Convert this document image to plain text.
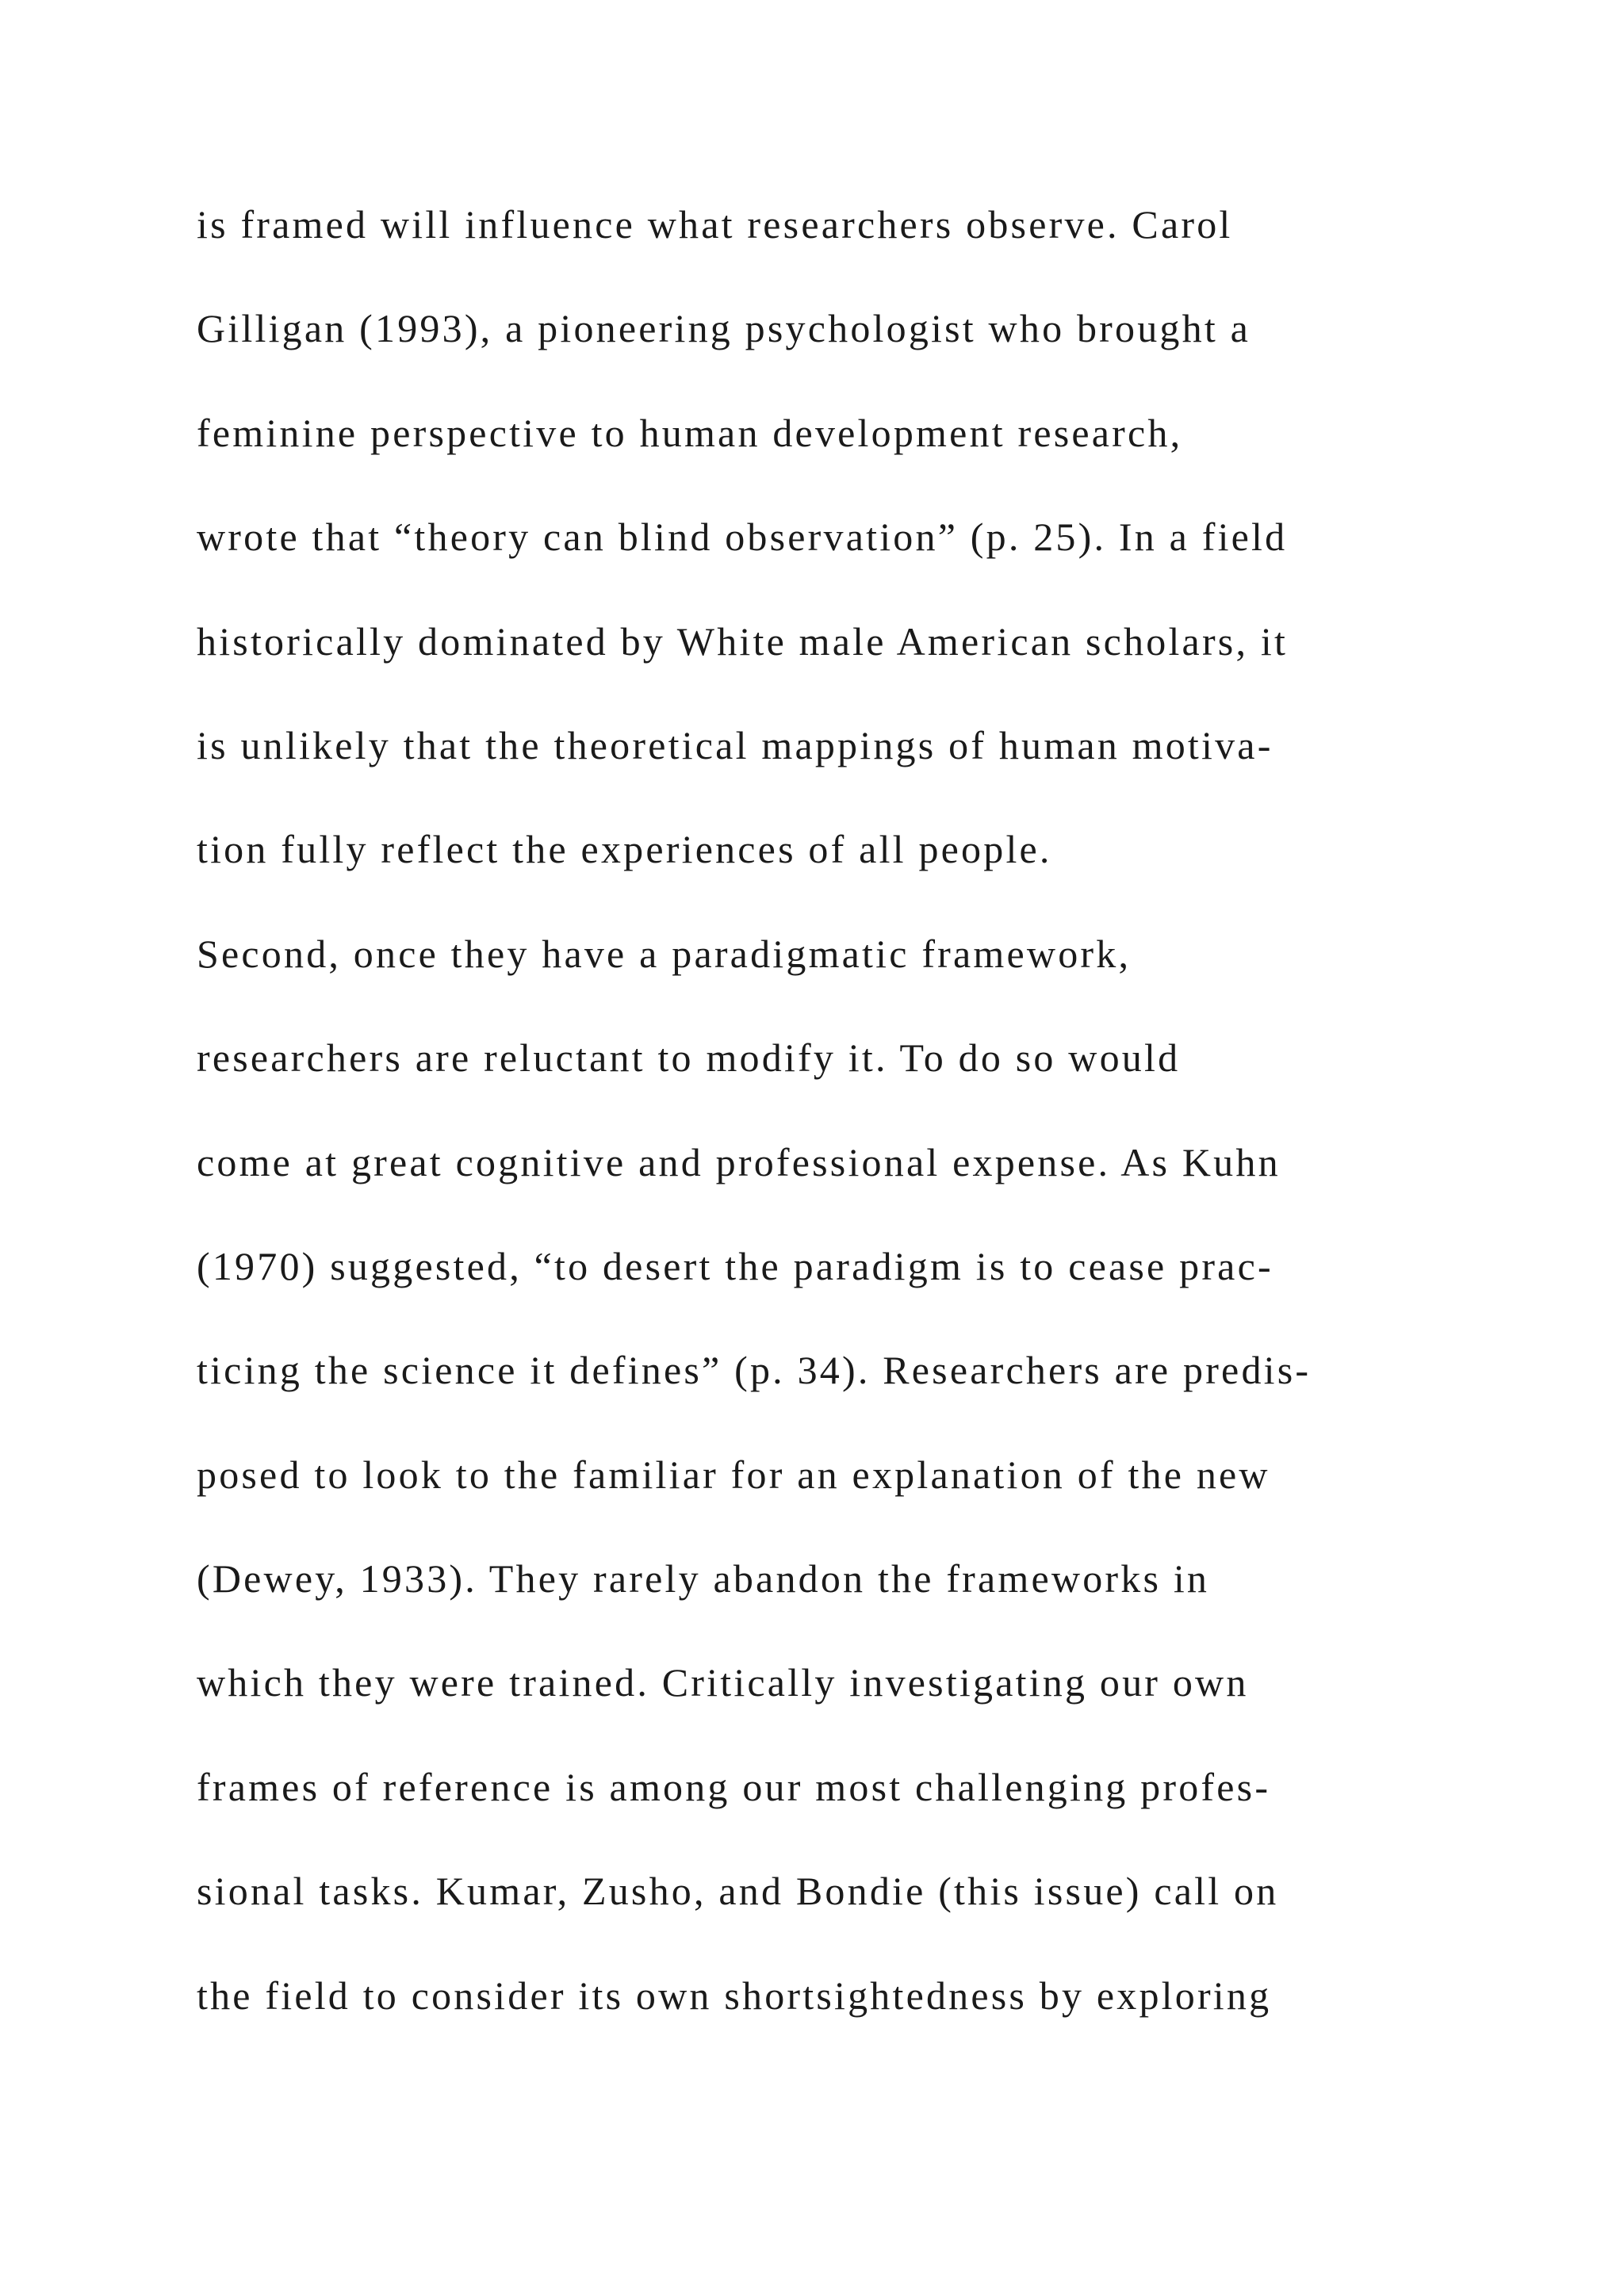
is framed will influence what researchers observe. Carol
Gilligan (1993), a pioneering psychologist who brought a
feminine perspective to human development research,
wrote that “theory can blind observation” (p. 25). In a field
historically dominated by White male American scholars, it
is unlikely that the theoretical mappings of human motiva-
tion fully reflect the experiences of all people.
Second, once they have a paradigmatic framework,
researchers are reluctant to modify it. To do so would
come at great cognitive and professional expense. As Kuhn
(1970) suggested, “to desert the paradigm is to cease prac-
ticing the science it defines” (p. 34). Researchers are predis-
posed to look to the familiar for an explanation of the new
(Dewey, 1933). They rarely abandon the frameworks in
which they were trained. Critically investigating our own
frames of reference is among our most challenging profes-
sional tasks. Kumar, Zusho, and Bondie (this issue) call on
the field to consider its own shortsightedness by exploring
